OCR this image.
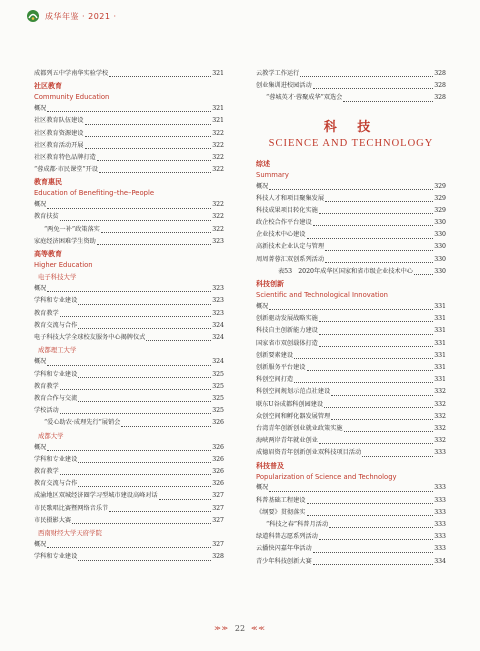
成华年鉴 · 2021 ·
成都列五中学南华实验学校	321
社区教育
Community Education
概况	321
社区教育队伍建设	321
社区教育资源建设	322
社区教育活动开展	322
社区教育特色品牌打造	322
“蓉成都·市民课堂”开设	322
教育惠民
Education of Benefiting–the–People
概况	322
教育扶贫	322
“两免一补”政策落实	322
家庭经济困难学生资助	323
高等教育
Higher Education
电子科技大学
概况	323
学科和专业建设	323
教育教学	323
教育交流与合作	324
电子科技大学全球校友服务中心揭牌仪式	324
成都理工大学
概况	324
学科和专业建设	325
教育教学	325
教育合作与交流	325
学校活动	325
“爱心助农·成理先行”展销会	326
成都大学
概况	326
学科和专业建设	326
教育教学	326
教育交流与合作	326
成渝地区双城经济圈学习型城市建设高峰对话	327
市民歌唱比赛暨网络音乐节	327
市民摄影大赛	327
西南财经大学天府学院
概况	327
学科和专业建设	328
云教学工作运行	328
创业集训进校园活动	328
“蓉城英才·蓉聚成华”双选会	328
科 技
SCIENCE AND TECHNOLOGY
综述
Summary
概况	329
科技人才和项目聚集发展	329
科技成果项目转化实施	329
政企校合作平台建设	330
企业技术中心建设	330
高新技术企业认定与管理	330
周周菁蓉汇双创系列活动	330
表53　2020年成华区国家和省市级企业技术中心	330
科技创新
Scientific and Technological Innovation
概况	331
创新驱动发展战略实施	331
科技自主创新能力建设	331
国家省市双创载体打造	331
创新要素建设	331
创新服务平台建设	331
科创空间打造	331
科创空间规划示范点社建设	332
联东U谷成都科创园建设	332
众创空间和孵化器发展管理	332
台湾青年创新创业就业政策实施	332
海峡两岸青年就业创业	332
成德眉资青年创新创业双科技项目活动	333
科技普及
Popularization of Science and Technology
概况	333
科普基础工程建设	333
《纲要》贯彻落实	333
“科技之春”科普月活动	333
绿道科普志愿系列活动	333
云播快闪嘉年华活动	333
青少年科技创新大赛	334
≫≫ 22 ≪≪
